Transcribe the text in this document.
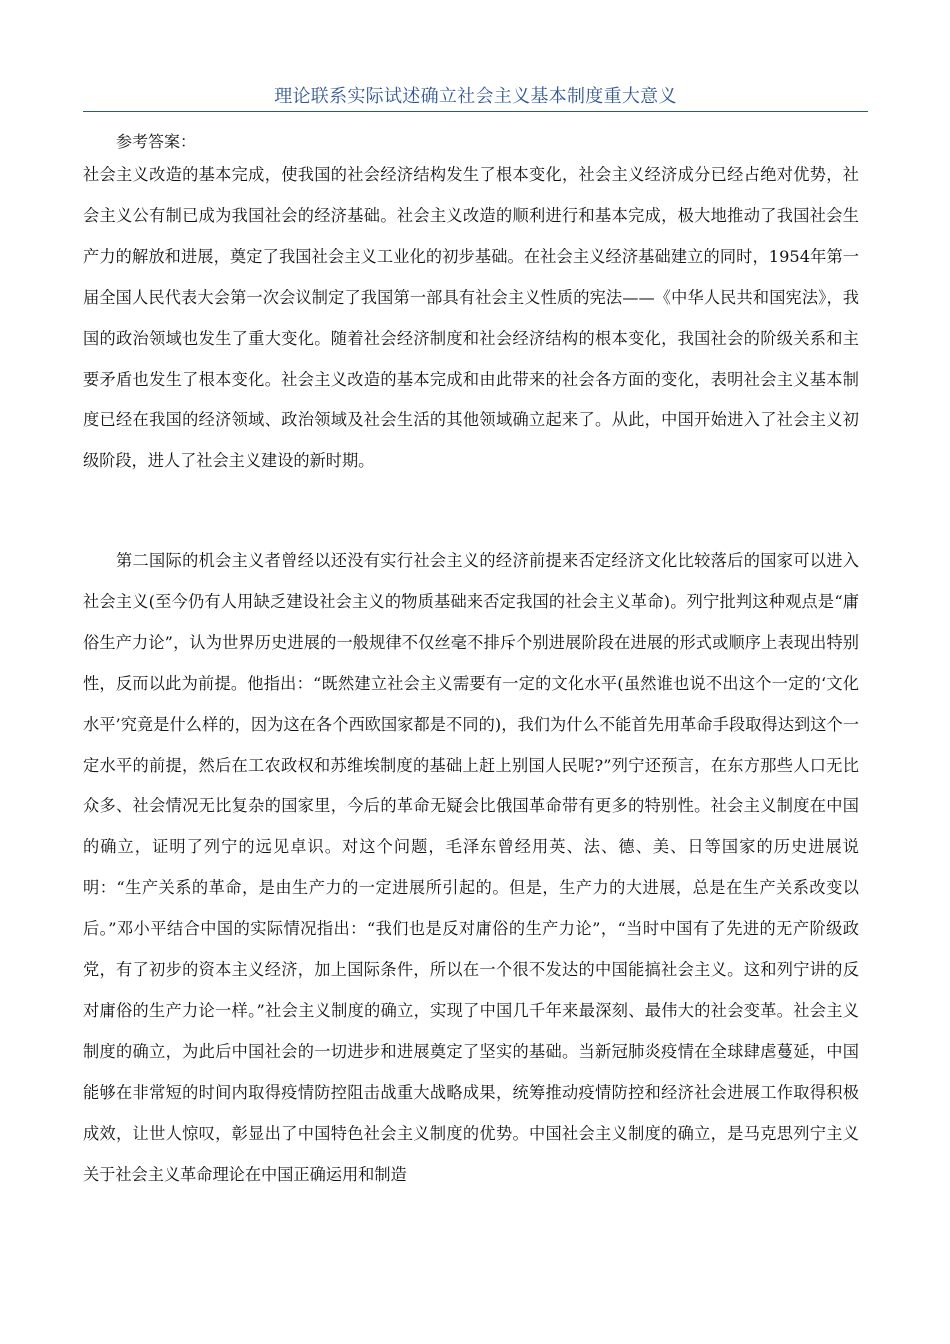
理论联系实际试述确立社会主义基本制度重大意义
参考答案：

社会主义改造的基本完成，使我国的社会经济结构发生了根本变化，社会主义经济成分已经占绝对优势，社会主义公有制已成为我国社会的经济基础。社会主义改造的顺利进行和基本完成，极大地推动了我国社会生产力的解放和进展，奠定了我国社会主义工业化的初步基础。在社会主义经济基础建立的同时，1954年第一届全国人民代表大会第一次会议制定了我国第一部具有社会主义性质的宪法——《中华人民共和国宪法》，我国的政治领域也发生了重大变化。随着社会经济制度和社会经济结构的根本变化，我国社会的阶级关系和主要矛盾也发生了根本变化。社会主义改造的基本完成和由此带来的社会各方面的变化，表明社会主义基本制度已经在我国的经济领域、政治领域及社会生活的其他领域确立起来了。从此，中国开始进入了社会主义初级阶段，进人了社会主义建设的新时期。

第二国际的机会主义者曾经以还没有实行社会主义的经济前提来否定经济文化比较落后的国家可以进入社会主义(至今仍有人用缺乏建设社会主义的物质基础来否定我国的社会主义革命)。列宁批判这种观点是“庸俗生产力论”，认为世界历史进展的一般规律不仅丝毫不排斥个别进展阶段在进展的形式或顺序上表现出特别性，反而以此为前提。他指出：“既然建立社会主义需要有一定的文化水平(虽然谁也说不出这个一定的‘文化水平’究竟是什么样的，因为这在各个西欧国家都是不同的)，我们为什么不能首先用革命手段取得达到这个一定水平的前提，然后在工农政权和苏维埃制度的基础上赶上别国人民呢?”列宁还预言，在东方那些人口无比众多、社会情况无比复杂的国家里，今后的革命无疑会比俄国革命带有更多的特别性。社会主义制度在中国的确立，证明了列宁的远见卓识。对这个问题，毛泽东曾经用英、法、德、美、日等国家的历史进展说明：“生产关系的革命，是由生产力的一定进展所引起的。但是，生产力的大进展，总是在生产关系改变以后。”邓小平结合中国的实际情况指出：“我们也是反对庸俗的生产力论”，“当时中国有了先进的无产阶级政党，有了初步的资本主义经济，加上国际条件，所以在一个很不发达的中国能搞社会主义。这和列宁讲的反对庸俗的生产力论一样。”社会主义制度的确立，实现了中国几千年来最深刻、最伟大的社会变革。社会主义制度的确立，为此后中国社会的一切进步和进展奠定了坚实的基础。当新冠肺炎疫情在全球肆虐蔓延，中国能够在非常短的时间内取得疫情防控阻击战重大战略成果，统筹推动疫情防控和经济社会进展工作取得积极成效，让世人惊叹，彰显出了中国特色社会主义制度的优势。中国社会主义制度的确立，是马克思列宁主义关于社会主义革命理论在中国正确运用和制造
